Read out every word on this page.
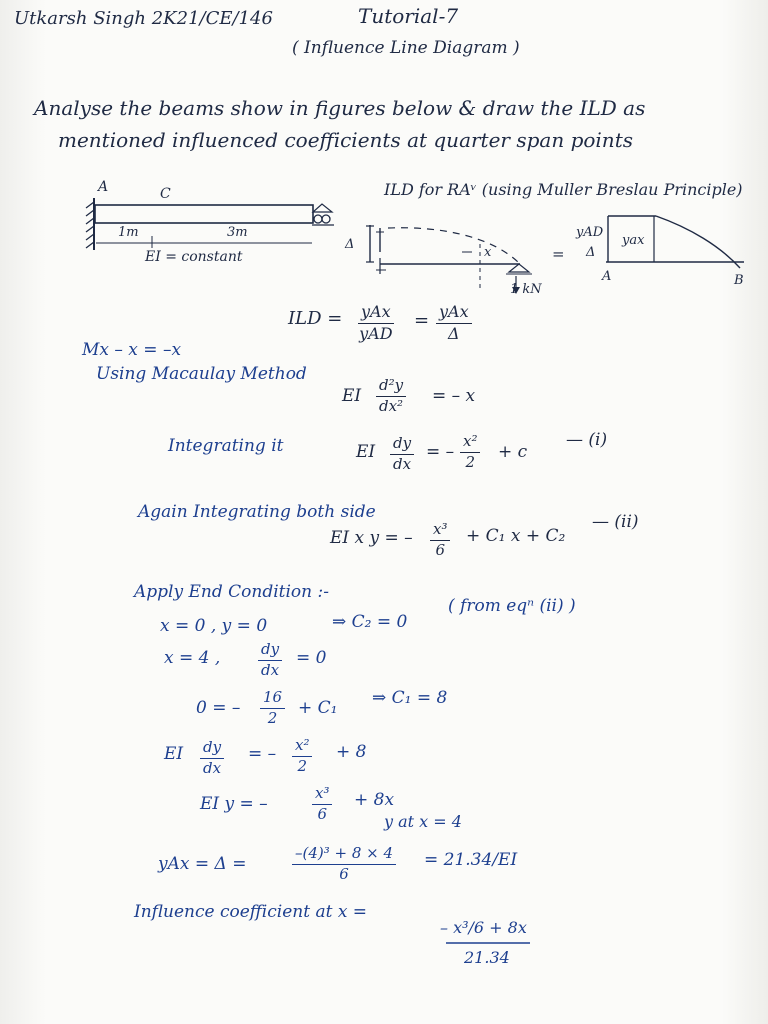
Utkarsh Singh 2K21/CE/146	Tutorial-7
( Influence Line Diagram )
Analyse the beams show in figures below & draw the ILD as
mentioned influenced coefficients at quarter span points
A	C
1m	3m
EI = constant
ILD for RAᵛ (using Muller Breslau Principle)
Δ
x
1 kN
=
yAD
Δ
yax
A	B
ILD = yAx
yAD
= yAx
Δ
Mx – x = –x
Using Macaulay Method
EI $\frac{\text{d²y}}{\text{dx²}}$ = – x
Integrating it	EI $\frac{dy}{dx}$ = – $\frac{\text{x²}}{2} + c$
— (i)
Again Integrating both side
EI x y = – $\frac{\text{x³}}{6} + C_1$ x + C₂
— (ii)
Apply End Condition :-
x = 0 , y = 0	⇒ C₂ = 0
( from eqⁿ (ii) )
x = 4 ,	$\frac{dy}{dx} = 0$
0 = – $\frac{16}{2} + C_1$ ⇒ C₁ = 8
EI $\frac{dy}{dx}$ = – $\frac{\text{x²}}{2} + 8$
EI y = –	$\frac{\text{x³}}{6} + 8x$
y at x = 4
yAx = Δ =	$\frac{\text{–(4)³ + 8 × 4}}{6} = 21.34/EI$
Influence coefficient at x =
– x³/6 + 8x
21.34
